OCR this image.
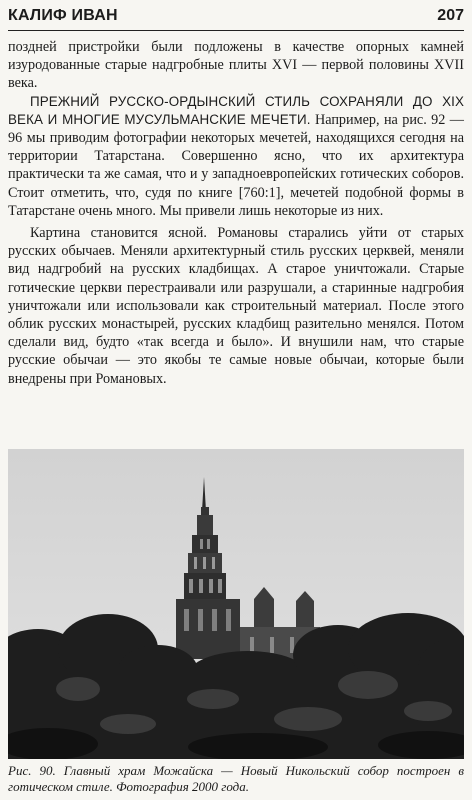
КАЛИФ ИВАН	207

поздней пристройки были подложены в качестве опорных камней изуродованные старые надгробные плиты XVI — первой половины XVII века.

ПРЕЖНИЙ РУССКО-ОРДЫНСКИЙ СТИЛЬ СОХРАНЯЛИ ДО XIX ВЕКА И МНОГИЕ МУСУЛЬМАНСКИЕ МЕЧЕТИ. Например, на рис. 92 — 96 мы приводим фотографии некоторых мечетей, находящихся сегодня на территории Татарстана. Совершенно ясно, что их архитектура практически та же самая, что и у западноевропейских готических соборов. Стоит отметить, что, судя по книге [760:1], мечетей подобной формы в Татарстане очень много. Мы привели лишь некоторые из них.

Картина становится ясной. Романовы старались уйти от старых русских обычаев. Меняли архитектурный стиль русских церквей, меняли вид надгробий на русских кладбищах. А старое уничтожали. Старые готические церкви перестраивали или разрушали, а старинные надгробия уничтожали или использовали как строительный материал. После этого облик русских монастырей, русских кладбищ разительно менялся. Потом сделали вид, будто «так всегда и было». И внушили нам, что старые русские обычаи — это якобы те самые новые обычаи, которые были внедрены при Романовых.

Рис. 90. Главный храм Можайска — Новый Никольский собор построен в готическом стиле. Фотография 2000 года.
